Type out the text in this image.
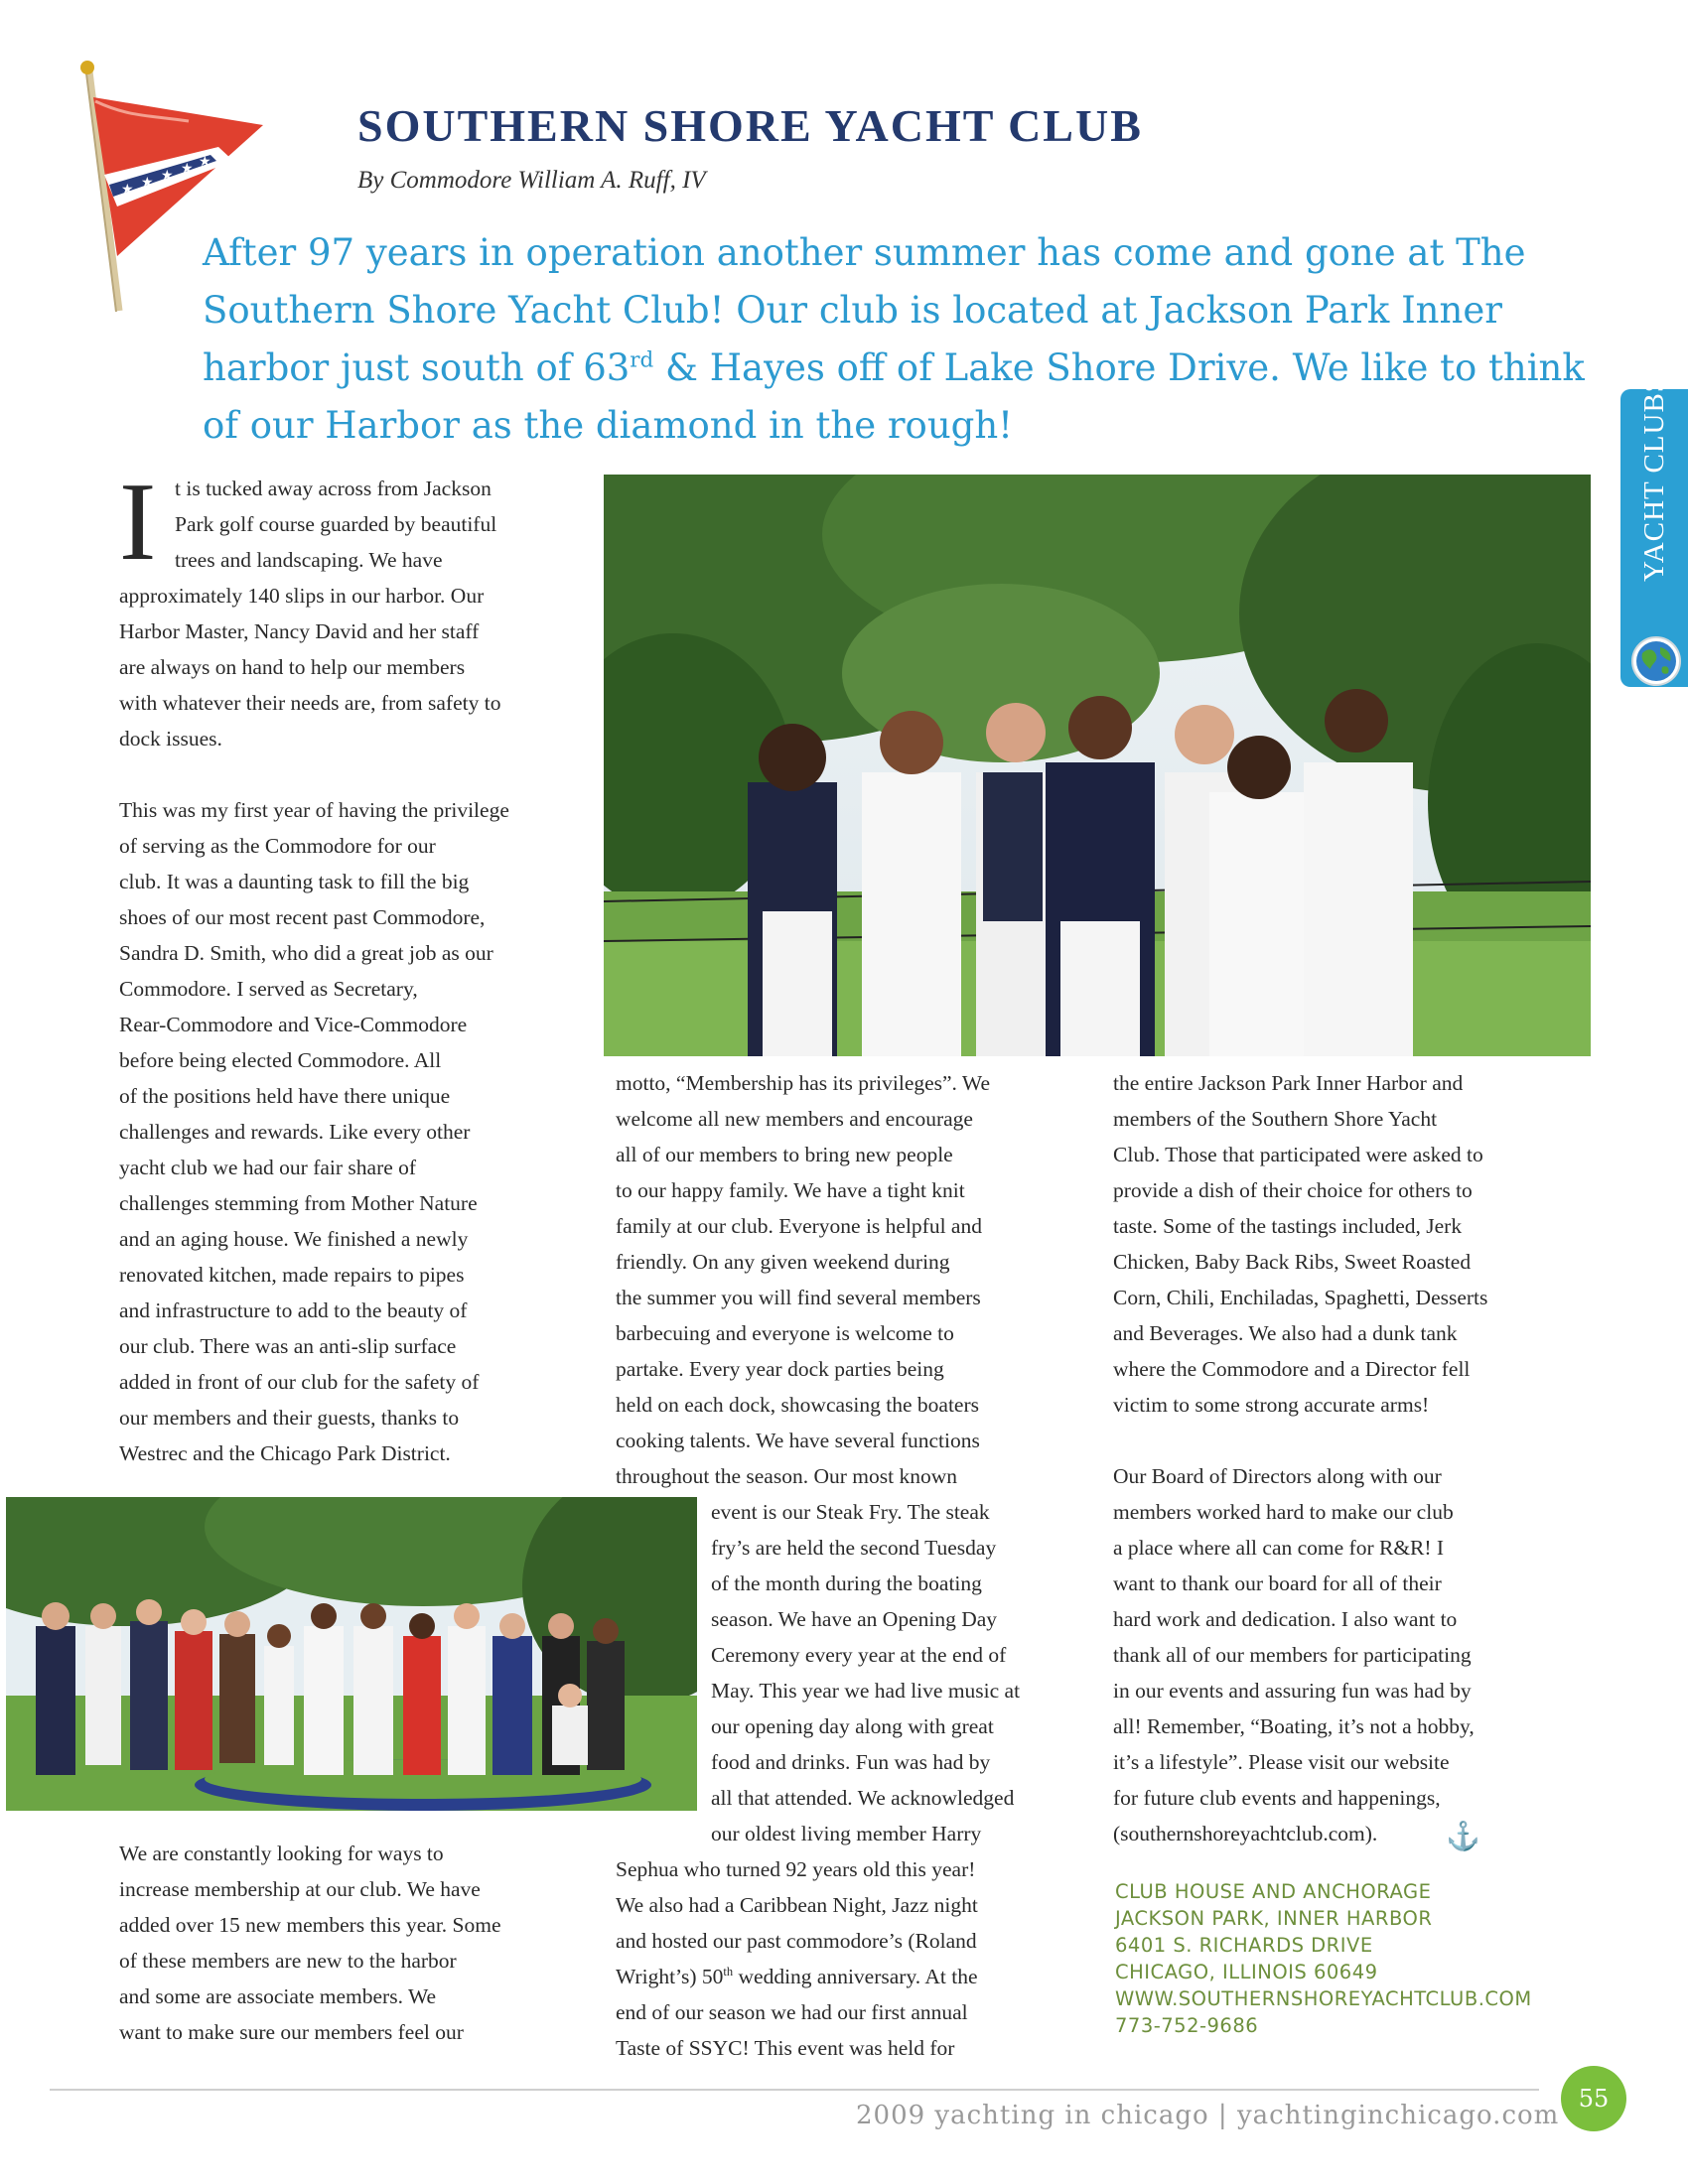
★ ★ ★ ★ ★
SOUTHERN SHORE YACHT CLUB
By Commodore William A. Ruff, IV

After 97 years in operation another summer has come and gone at The
Southern Shore Yacht Club! Our club is located at Jackson Park Inner
harbor just south of 63rd & Hayes off of Lake Shore Drive. We like to think
of our Harbor as the diamond in the rough!	YACHT CLUBS
I t is tucked away across from Jackson
Park golf course guarded by beautiful
trees and landscaping. We have
approximately 140 slips in our harbor. Our
Harbor Master, Nancy David and her staff
are always on hand to help our members
with whatever their needs are, from safety to
dock issues.
This was my first year of having the privilege
of serving as the Commodore for our
club. It was a daunting task to fill the big
shoes of our most recent past Commodore,
Sandra D. Smith, who did a great job as our
Commodore. I served as Secretary,
Rear-Commodore and Vice-Commodore
before being elected Commodore. All
of the positions held have there unique
challenges and rewards. Like every other
yacht club we had our fair share of
challenges stemming from Mother Nature
and an aging house. We finished a newly
renovated kitchen, made repairs to pipes
and infrastructure to add to the beauty of
our club. There was an anti-slip surface
added in front of our club for the safety of
our members and their guests, thanks to
Westrec and the Chicago Park District.
We are constantly looking for ways to
increase membership at our club. We have
added over 15 new members this year. Some
of these members are new to the harbor
and some are associate members. We
want to make sure our members feel our
motto, “Membership has its privileges”. We
welcome all new members and encourage
all of our members to bring new people
to our happy family. We have a tight knit
family at our club. Everyone is helpful and
friendly. On any given weekend during
the summer you will find several members
barbecuing and everyone is welcome to
partake. Every year dock parties being
held on each dock, showcasing the boaters
cooking talents. We have several functions
throughout the season. Our most known
event is our Steak Fry. The steak
fry’s are held the second Tuesday
of the month during the boating
season. We have an Opening Day
Ceremony every year at the end of
May. This year we had live music at
our opening day along with great
food and drinks. Fun was had by
all that attended. We acknowledged
our oldest living member Harry
Sephua who turned 92 years old this year!
We also had a Caribbean Night, Jazz night
and hosted our past commodore’s (Roland
Wright’s) 50th wedding anniversary. At the
end of our season we had our first annual
Taste of SSYC! This event was held for
the entire Jackson Park Inner Harbor and
members of the Southern Shore Yacht
Club. Those that participated were asked to
provide a dish of their choice for others to
taste. Some of the tastings included, Jerk
Chicken, Baby Back Ribs, Sweet Roasted
Corn, Chili, Enchiladas, Spaghetti, Desserts
and Beverages. We also had a dunk tank
where the Commodore and a Director fell
victim to some strong accurate arms!
Our Board of Directors along with our
members worked hard to make our club
a place where all can come for R&R! I
want to thank our board for all of their
hard work and dedication. I also want to
thank all of our members for participating
in our events and assuring fun was had by
all! Remember, “Boating, it’s not a hobby,
it’s a lifestyle”. Please visit our website
for future club events and happenings,
(southernshoreyachtclub.com).	⚓
CLUB HOUSE AND ANCHORAGE
JACKSON PARK, INNER HARBOR
6401 S. RICHARDS DRIVE
CHICAGO, ILLINOIS 60649
WWW.SOUTHERNSHOREYACHTCLUB.COM
773-752-9686
2009 yachting in chicago | yachtinginchicago.com
55
